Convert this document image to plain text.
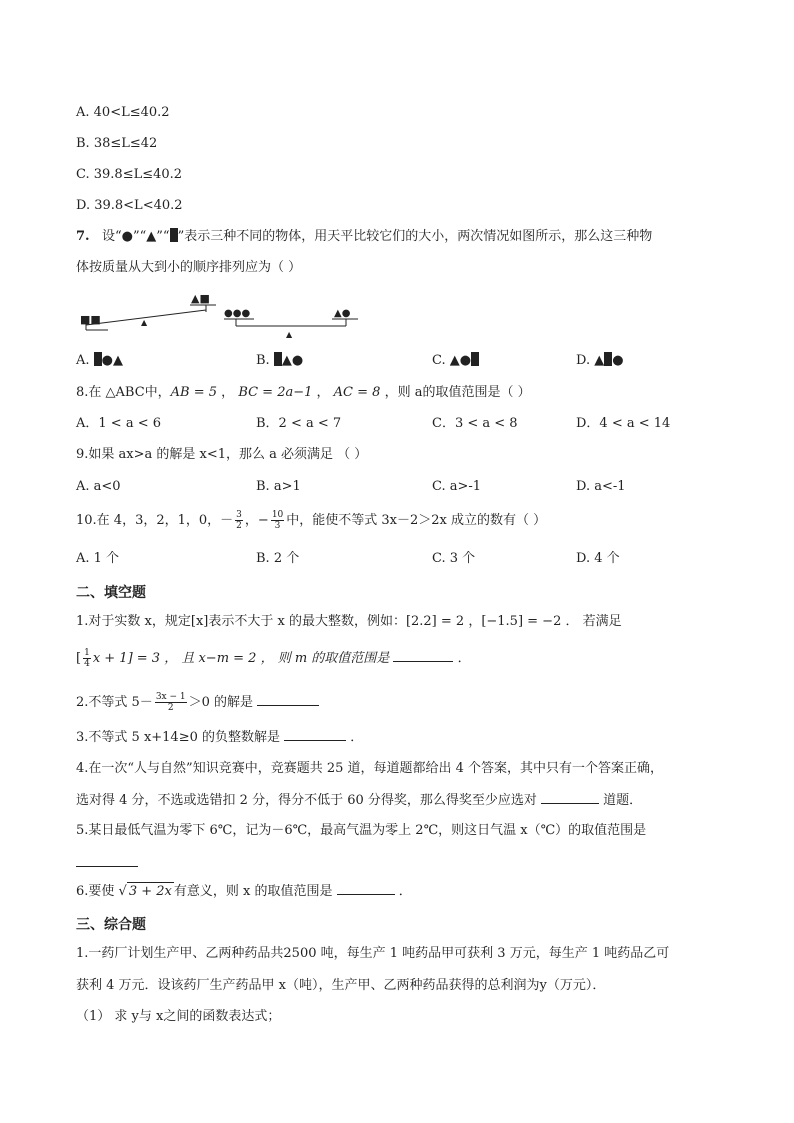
A. 40<L≤40.2
B. 38≤L≤42
C. 39.8≤L≤40.2
D. 39.8<L<40.2
7. 设“●”“▲”“ ”表示三种不同的物体，用天平比较它们的大小，两次情况如图所示，那么这三种物
体按质量从大到小的顺序排列应为（ ）
■■
▲■
▲
●●●	▲●
▲
A. ●▲	B. ▲●	C. ▲●	D. ▲ ●
8.在 △ABC中，AB = 5 ， BC = 2a−1 ， AC = 8 ，则 a的取值范围是（ ）
A．1 < a < 6	B．2 < a < 7	C．3 < a < 8	D．4 < a < 14
9.如果 ax>a 的解是 x<1，那么 a 必须满足 （ ）
A. a<0	B. a>1	C. a>-1	D. a<-1
10.在 4，3，2，1，0，－ $\frac{3}{2}$ ，− $\frac{10}{3}$ 中，能使不等式 3x－2＞2x 成立的数有（ ）
A. 1 个	B. 2 个	C. 3 个	D. 4 个
二、填空题
1.对于实数 x，规定[x]表示不大于 x 的最大整数，例如：[2.2] = 2 ，[−1.5] = −2 ． 若满足
[ $\frac{1}{4}$ x + 1] = 3 ， 且 x−m = 2 ， 则 m 的取值范围是	．
2.不等式 $5- \frac{3x - 1}{2} >0$ 的解是
3.不等式 5 x+14≥0 的负整数解是	．
4.在一次“人与自然”知识竞赛中，竞赛题共 25 道，每道题都给出 4 个答案，其中只有一个答案正确，
选对得 4 分，不选或选错扣 2 分，得分不低于 60 分得奖，那么得奖至少应选对	道题．
5.某日最低气温为零下 6℃，记为－6℃，最高气温为零上 2℃，则这日气温 x（℃）的取值范围是
6.要使 √ 3 + 2x 有意义，则 x 的取值范围是	．
三、综合题
1.一药厂计划生产甲、乙两种药品共2500 吨，每生产 1 吨药品甲可获利 3 万元，每生产 1 吨药品乙可
获利 4 万元．设该药厂生产药品甲 x（吨），生产甲、乙两种药品获得的总利润为y（万元）．
（1） 求 y与 x之间的函数表达式；
